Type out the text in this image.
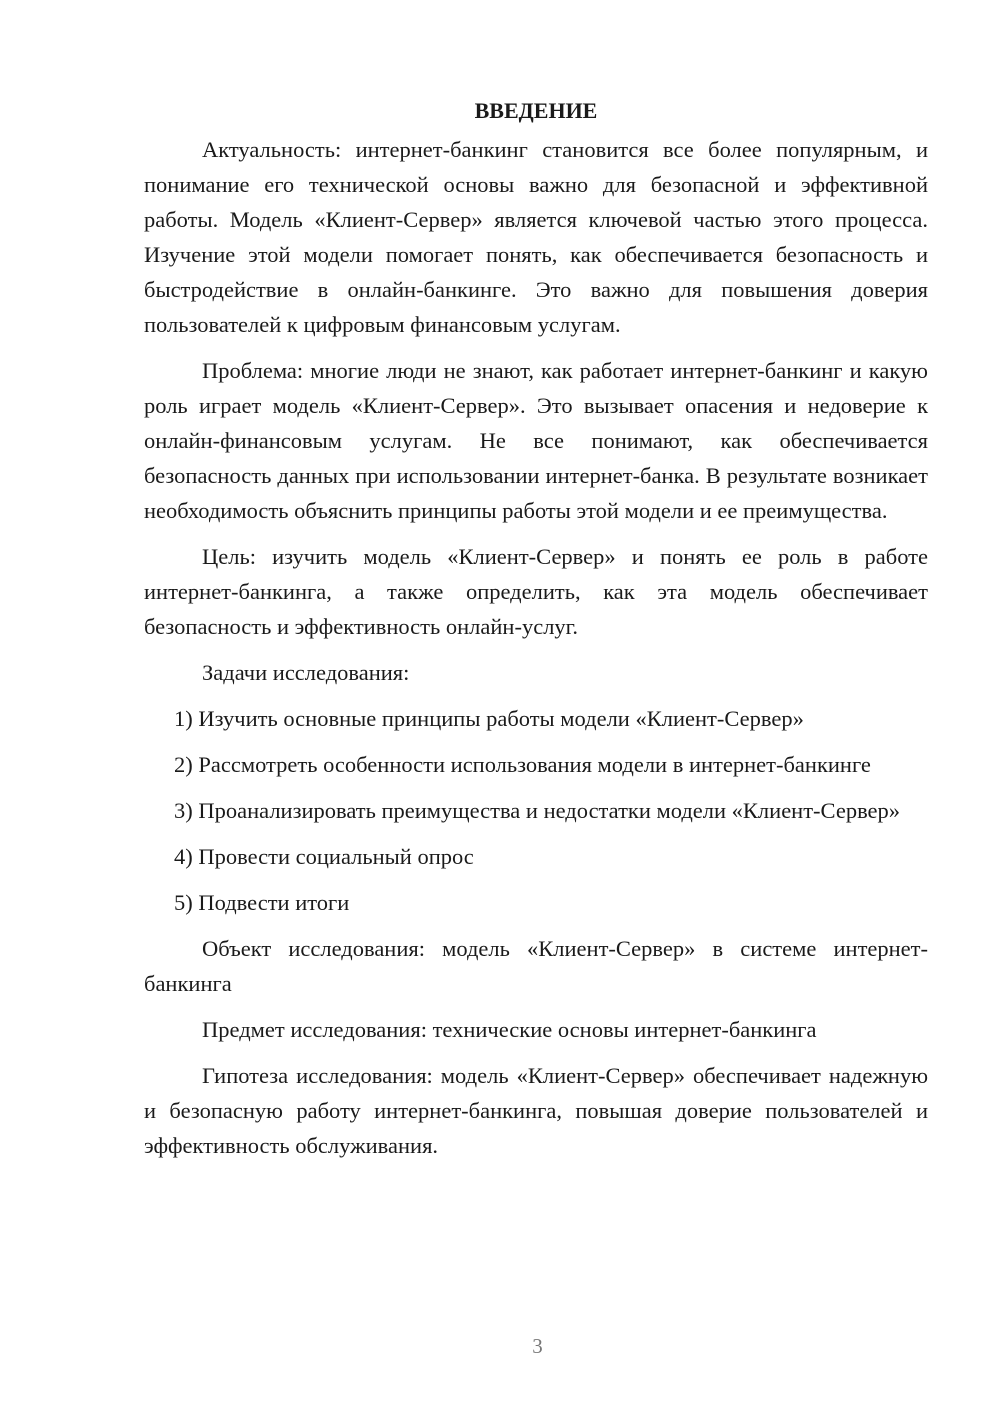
ВВЕДЕНИЕ

Актуальность: интернет-банкинг становится все более популярным, и понимание его технической основы важно для безопасной и эффективной работы. Модель «Клиент-Сервер» является ключевой частью этого процесса. Изучение этой модели помогает понять, как обеспечивается безопасность и быстродействие в онлайн-банкинге. Это важно для повышения доверия пользователей к цифровым финансовым услугам.

Проблема: многие люди не знают, как работает интернет-банкинг и какую роль играет модель «Клиент-Сервер». Это вызывает опасения и недоверие к онлайн-финансовым услугам. Не все понимают, как обеспечивается безопасность данных при использовании интернет-банка. В результате возникает необходимость объяснить принципы работы этой модели и ее преимущества.

Цель: изучить модель «Клиент-Сервер» и понять ее роль в работе интернет-банкинга, а также определить, как эта модель обеспечивает безопасность и эффективность онлайн-услуг.

Задачи исследования:

1) Изучить основные принципы работы модели «Клиент-Сервер»

2) Рассмотреть особенности использования модели в интернет-банкинге

3) Проанализировать преимущества и недостатки модели «Клиент-Сервер»

4) Провести социальный опрос

5) Подвести итоги

Объект исследования: модель «Клиент-Сервер» в системе интернет-банкинга

Предмет исследования: технические основы интернет-банкинга

Гипотеза исследования: модель «Клиент-Сервер» обеспечивает надежную и безопасную работу интернет-банкинга, повышая доверие пользователей и эффективность обслуживания.

3
